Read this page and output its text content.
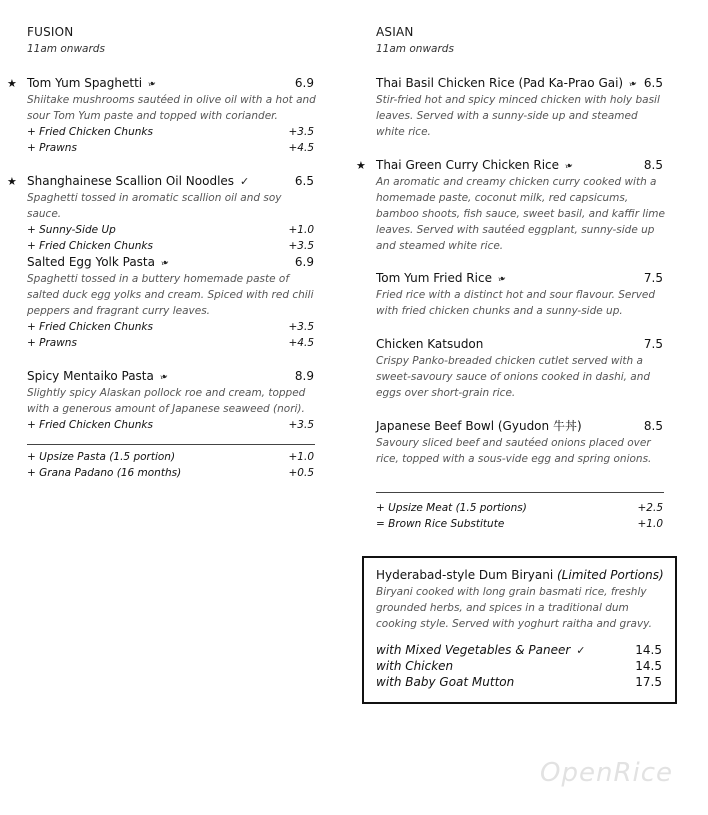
FUSION
11am onwards
★ Tom Yum Spaghetti ❧	6.9

Shiitake mushrooms sautéed in olive oil with a hot and sour Tom Yum paste and topped with coriander.

+ Fried Chicken Chunks	+3.5
+ Prawns	+4.5
★ Shanghainese Scallion Oil Noodles ✓	6.5

Spaghetti tossed in aromatic scallion oil and soy sauce.

+ Sunny-Side Up	+1.0
+ Fried Chicken Chunks	+3.5
Salted Egg Yolk Pasta ❧	6.9

Spaghetti tossed in a buttery homemade paste of salted duck egg yolks and cream. Spiced with red chili peppers and fragrant curry leaves.

+ Fried Chicken Chunks	+3.5
+ Prawns	+4.5
Spicy Mentaiko Pasta ❧	8.9

Slightly spicy Alaskan pollock roe and cream, topped with a generous amount of Japanese seaweed (nori).

+ Fried Chicken Chunks	+3.5
+ Upsize Pasta (1.5 portion)	+1.0
+ Grana Padano (16 months)	+0.5
ASIAN
11am onwards
Thai Basil Chicken Rice (Pad Ka-Prao Gai) ❧ 6.5

Stir-fried hot and spicy minced chicken with holy basil leaves. Served with a sunny-side up and steamed white rice.

★ Thai Green Curry Chicken Rice ❧	8.5

An aromatic and creamy chicken curry cooked with a homemade paste, coconut milk, red capsicums, bamboo shoots, fish sauce, sweet basil, and kaffir lime leaves. Served with sautéed eggplant, sunny-side up and steamed white rice.

Tom Yum Fried Rice ❧	7.5

Fried rice with a distinct hot and sour flavour. Served with fried chicken chunks and a sunny-side up.

Chicken Katsudon	7.5

Crispy Panko-breaded chicken cutlet served with a sweet-savoury sauce of onions cooked in dashi, and eggs over short-grain rice.

Japanese Beef Bowl (Gyudon 牛丼)	8.5

Savoury sliced beef and sautéed onions placed over rice, topped with a sous-vide egg and spring onions.

+ Upsize Meat (1.5 portions)	+2.5
= Brown Rice Substitute	+1.0
Hyderabad-style Dum Biryani (Limited Portions)

Biryani cooked with long grain basmati rice, freshly grounded herbs, and spices in a traditional dum cooking style. Served with yoghurt raitha and gravy.

with Mixed Vegetables & Paneer ✓	14.5
with Chicken	14.5
with Baby Goat Mutton	17.5
OpenRice
